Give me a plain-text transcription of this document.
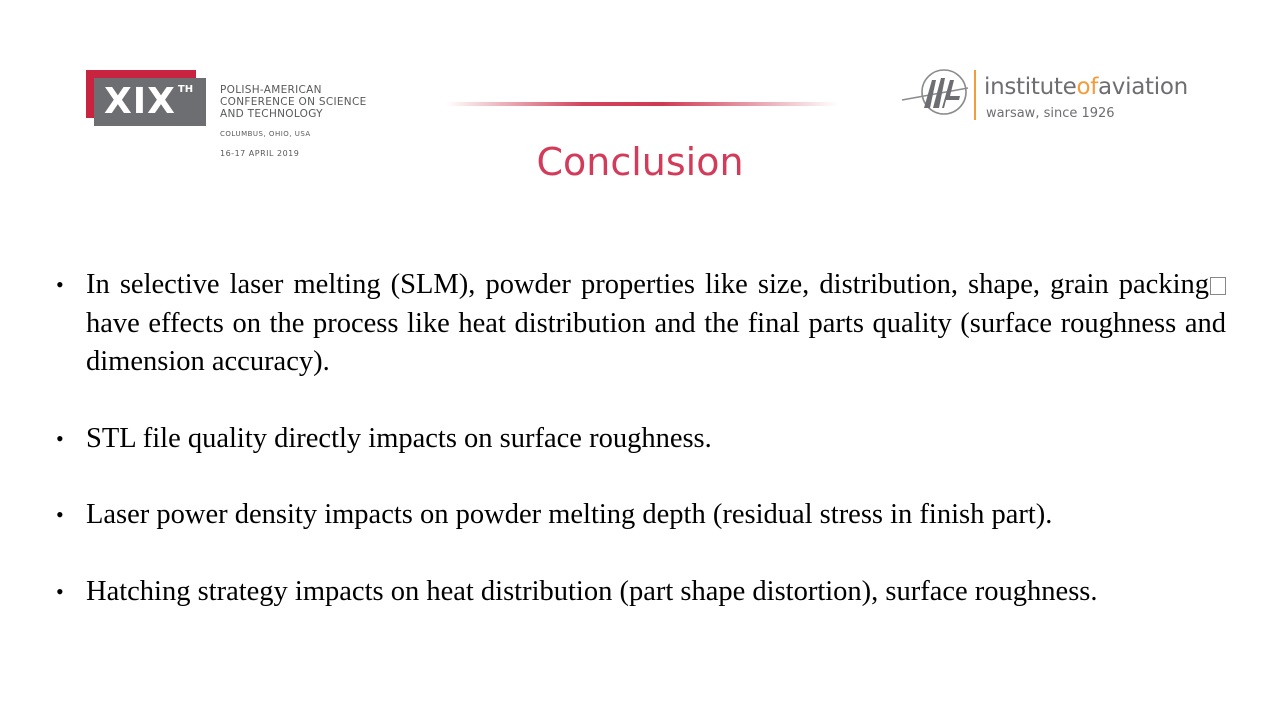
XIX $^{TH}$	POLISH-AMERICAN
CONFERENCE ON SCIENCE
AND TECHNOLOGY
COLUMBUS, OHIO, USA
16-17 APRIL 2019
instituteofaviation
warsaw, since 1926
Conclusion
• In selective laser melting (SLM), powder properties like size, distribution, shape, grain packing have effects on the process like heat distribution and the final parts quality (surface roughness and dimension accuracy).
• STL file quality directly impacts on surface roughness.
• Laser power density impacts on powder melting depth (residual stress in finish part).
• Hatching strategy impacts on heat distribution (part shape distortion), surface roughness.
